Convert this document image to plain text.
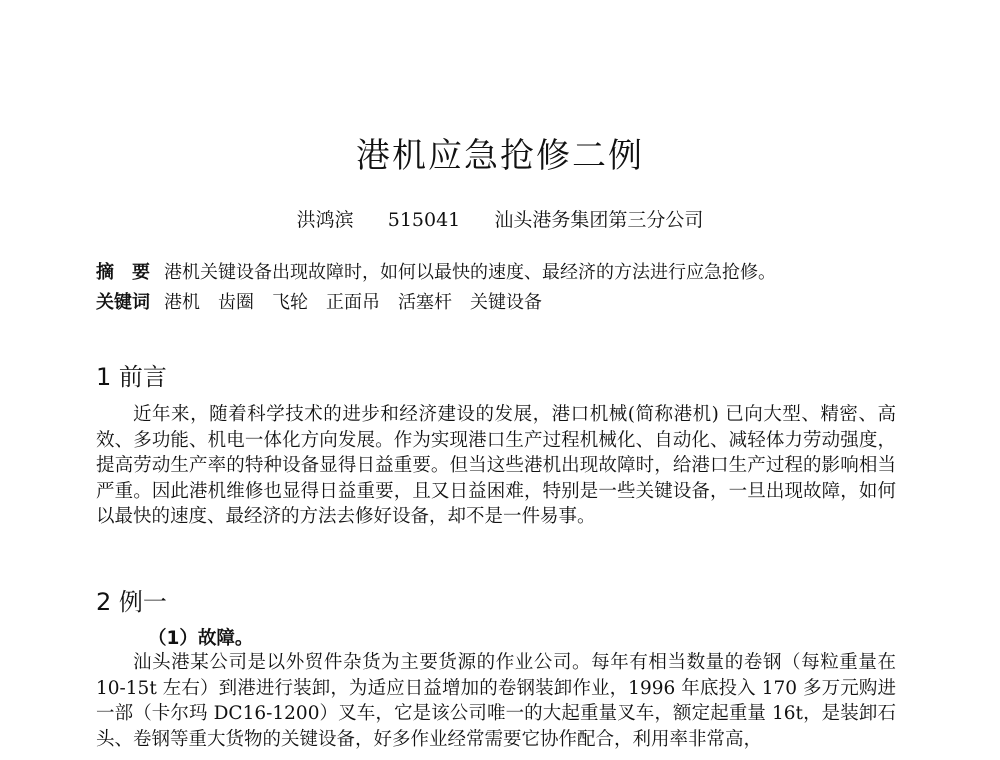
港机应急抢修二例
洪鸿滨 515041 汕头港务集团第三分公司
摘　要 港机关键设备出现故障时，如何以最快的速度、最经济的方法进行应急抢修。
关键词 港机 齿圈 飞轮 正面吊 活塞杆 关键设备
1 前言
近年来，随着科学技术的进步和经济建设的发展，港口机械(简称港机) 已向大型、精密、高效、多功能、机电一体化方向发展。作为实现港口生产过程机械化、自动化、减轻体力劳动强度，提高劳动生产率的特种设备显得日益重要。但当这些港机出现故障时，给港口生产过程的影响相当严重。因此港机维修也显得日益重要，且又日益困难，特别是一些关键设备，一旦出现故障，如何以最快的速度、最经济的方法去修好设备，却不是一件易事。
2 例一
（1）故障。
汕头港某公司是以外贸件杂货为主要货源的作业公司。每年有相当数量的卷钢（每粒重量在 10-15t 左右）到港进行装卸，为适应日益增加的卷钢装卸作业，1996 年底投入 170 多万元购进一部（卡尔玛 DC16-1200）叉车，它是该公司唯一的大起重量叉车，额定起重量 16t，是装卸石头、卷钢等重大货物的关键设备，好多作业经常需要它协作配合，利用率非常高，
